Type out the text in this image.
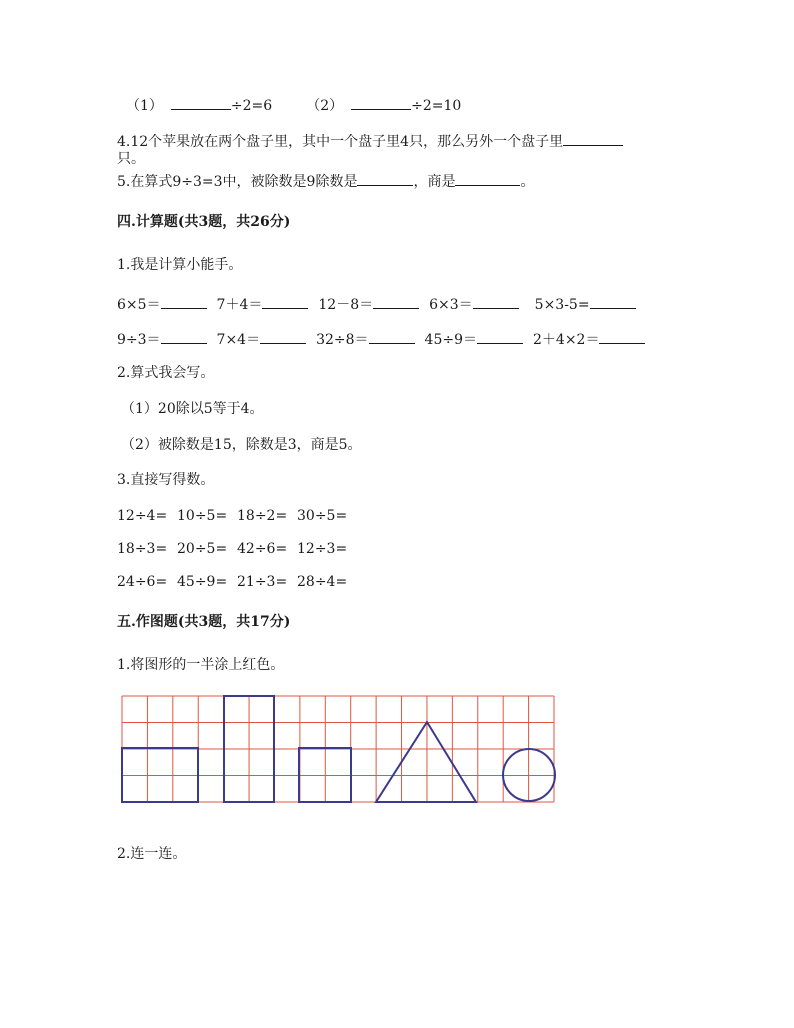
（1）	÷2=6 （2）	÷2=10
4.12个苹果放在两个盘子里，其中一个盘子里4只，那么另外一个盘子里
只。
5.在算式9÷3=3中，被除数是9除数是	，商是	。
四.计算题(共3题，共26分)
1.我是计算小能手。
6×5＝	7＋4＝	12－8＝	6×3＝	5×3-5=
9÷3＝	7×4＝	32÷8＝	45÷9＝	2＋4×2＝
2.算式我会写。
（1）20除以5等于4。
（2）被除数是15，除数是3，商是5。
3.直接写得数。
12÷4= 10÷5= 18÷2= 30÷5=
18÷3= 20÷5= 42÷6= 12÷3=
24÷6= 45÷9= 21÷3= 28÷4=
五.作图题(共3题，共17分)
1.将图形的一半涂上红色。
2.连一连。
